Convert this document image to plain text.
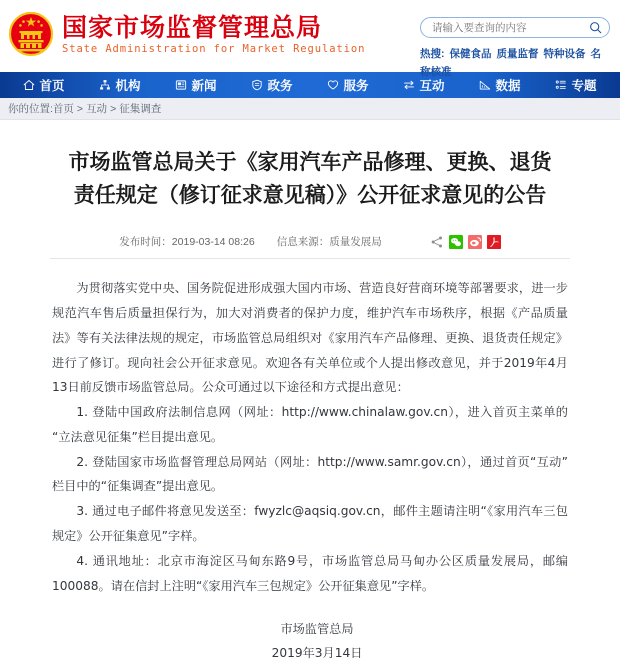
国家市场监督管理总局
State Administration for Market Regulation
请输入要查询的内容	热搜: 保健食品 质量监督 特种设备 名称核准
首页	机构	新闻	政务	服务	互动	数据	专题
你的位置: 首页 > 互动 > 征集调查
市场监管总局关于《家用汽车产品修理、更换、退货责任规定（修订征求意见稿）》公开征求意见的公告
发布时间：2019-03-14 08:26 信息来源：质量发展局

为贯彻落实党中央、国务院促进形成强大国内市场、营造良好营商环境等部署要求，进一步规范汽车售后质量担保行为，加大对消费者的保护力度，维护汽车市场秩序，根据《产品质量法》等有关法律法规的规定，市场监管总局组织对《家用汽车产品修理、更换、退货责任规定》进行了修订。现向社会公开征求意见。欢迎各有关单位或个人提出修改意见，并于2019年4月13日前反馈市场监管总局。公众可通过以下途径和方式提出意见：

1. 登陆中国政府法制信息网（网址：http://www.chinalaw.gov.cn），进入首页主菜单的“立法意见征集”栏目提出意见。

2. 登陆国家市场监督管理总局网站（网址：http://www.samr.gov.cn），通过首页“互动”栏目中的“征集调查”提出意见。

3. 通过电子邮件将意见发送至：fwyzlc@aqsiq.gov.cn，邮件主题请注明“《家用汽车三包规定》公开征集意见”字样。

4. 通讯地址：北京市海淀区马甸东路9号，市场监管总局马甸办公区质量发展局，邮编100088。请在信封上注明“《家用汽车三包规定》公开征集意见”字样。

市场监管总局
2019年3月14日
